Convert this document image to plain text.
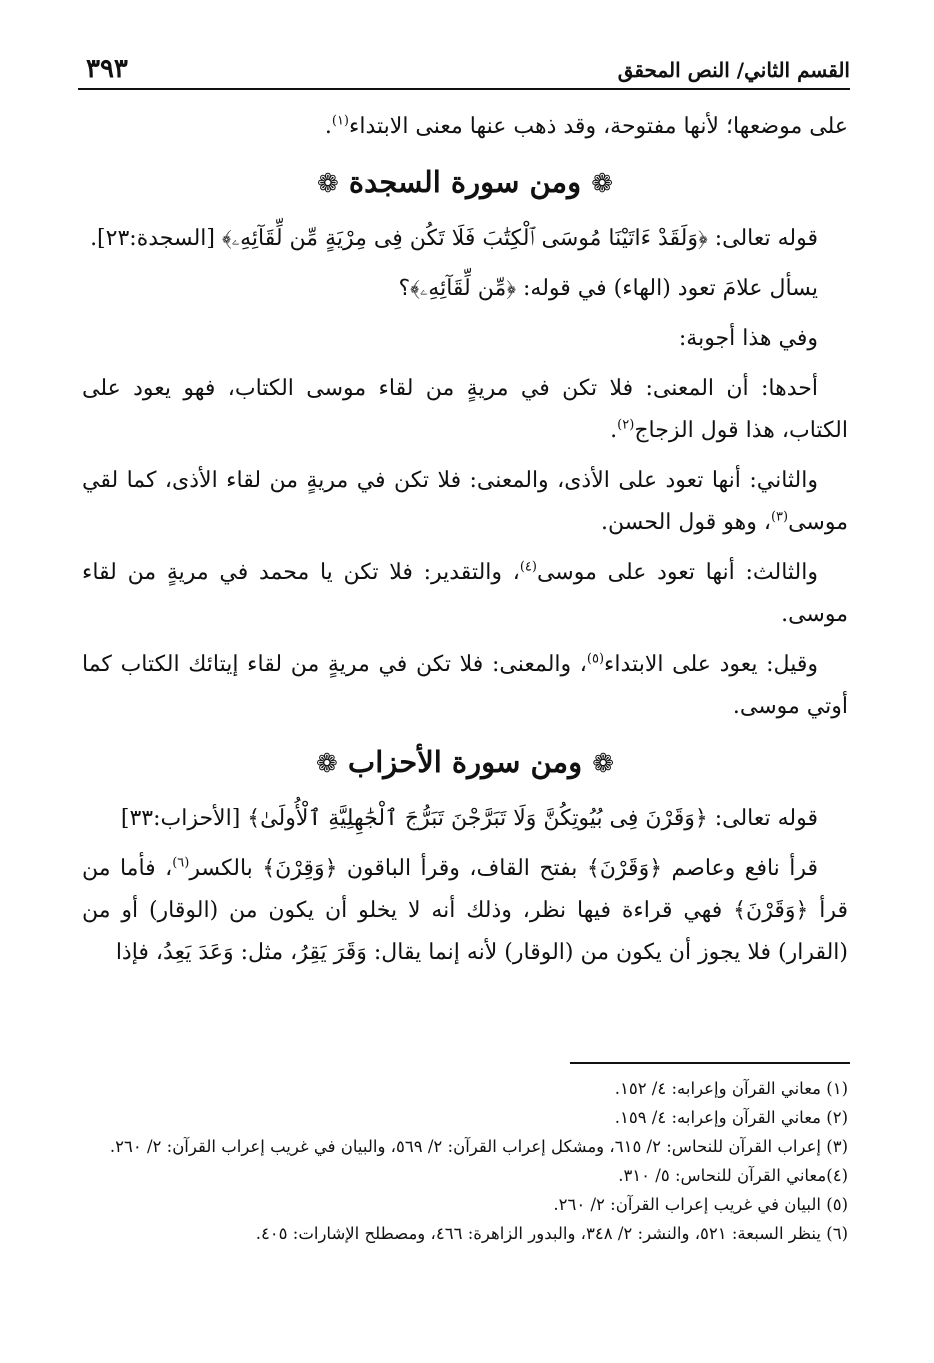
٣٩٣	القسم الثاني/ النص المحقق

على موضعها؛ لأنها مفتوحة، وقد ذهب عنها معنى الابتداء$^{(١)}$.

❁ ومن سورة السجدة ❁

قوله تعالى: ﴿وَلَقَدْ ءَاتَيْنَا مُوسَى ٱلْكِتَٰبَ فَلَا تَكُن فِى مِرْيَةٍ مِّن لِّقَآئِهِۦ﴾ [السجدة:٢٣].

يسأل علامَ تعود (الهاء) في قوله: ﴿مِّن لِّقَآئِهِۦ﴾؟

وفي هذا أجوبة:

أحدها: أن المعنى: فلا تكن في مريةٍ من لقاء موسى الكتاب، فهو يعود على الكتاب، هذا قول الزجاج$^{(٢)}$.

والثاني: أنها تعود على الأذى، والمعنى: فلا تكن في مريةٍ من لقاء الأذى، كما لقي موسى$^{(٣)}$، وهو قول الحسن.

والثالث: أنها تعود على موسى$^{(٤)}$، والتقدير: فلا تكن يا محمد في مريةٍ من لقاء موسى.

وقيل: يعود على الابتداء$^{(٥)}$، والمعنى: فلا تكن في مريةٍ من لقاء إيتائك الكتاب كما أوتي موسى.

❁ ومن سورة الأحزاب ❁

قوله تعالى: ﴿وَقَرْنَ فِى بُيُوتِكُنَّ وَلَا تَبَرَّجْنَ تَبَرُّجَ ٱلْجَٰهِلِيَّةِ ٱلْأُولَىٰ﴾ [الأحزاب:٣٣]

قرأ نافع وعاصم ﴿وَقَرْنَ﴾ بفتح القاف، وقرأ الباقون ﴿وَقِرْنَ﴾ بالكسر$^{(٦)}$، فأما من قرأ ﴿وَقَرْنَ﴾ فهي قراءة فيها نظر، وذلك أنه لا يخلو أن يكون من (الوقار) أو من (القرار) فلا يجوز أن يكون من (الوقار) لأنه إنما يقال: وَقَرَ يَقِرُ، مثل: وَعَدَ يَعِدُ، فإذا

(١) معاني القرآن وإعرابه: ٤/ ١٥٢.

(٢) معاني القرآن وإعرابه: ٤/ ١٥٩.

(٣) إعراب القرآن للنحاس: ٢/ ٦١٥، ومشكل إعراب القرآن: ٢/ ٥٦٩، والبيان في غريب إعراب القرآن: ٢/ ٢٦٠.

(٤)معاني القرآن للنحاس: ٥/ ٣١٠.

(٥) البيان في غريب إعراب القرآن: ٢/ ٢٦٠.

(٦) ينظر السبعة: ٥٢١، والنشر: ٢/ ٣٤٨، والبدور الزاهرة: ٤٦٦، ومصطلح الإشارات: ٤٠٥.
